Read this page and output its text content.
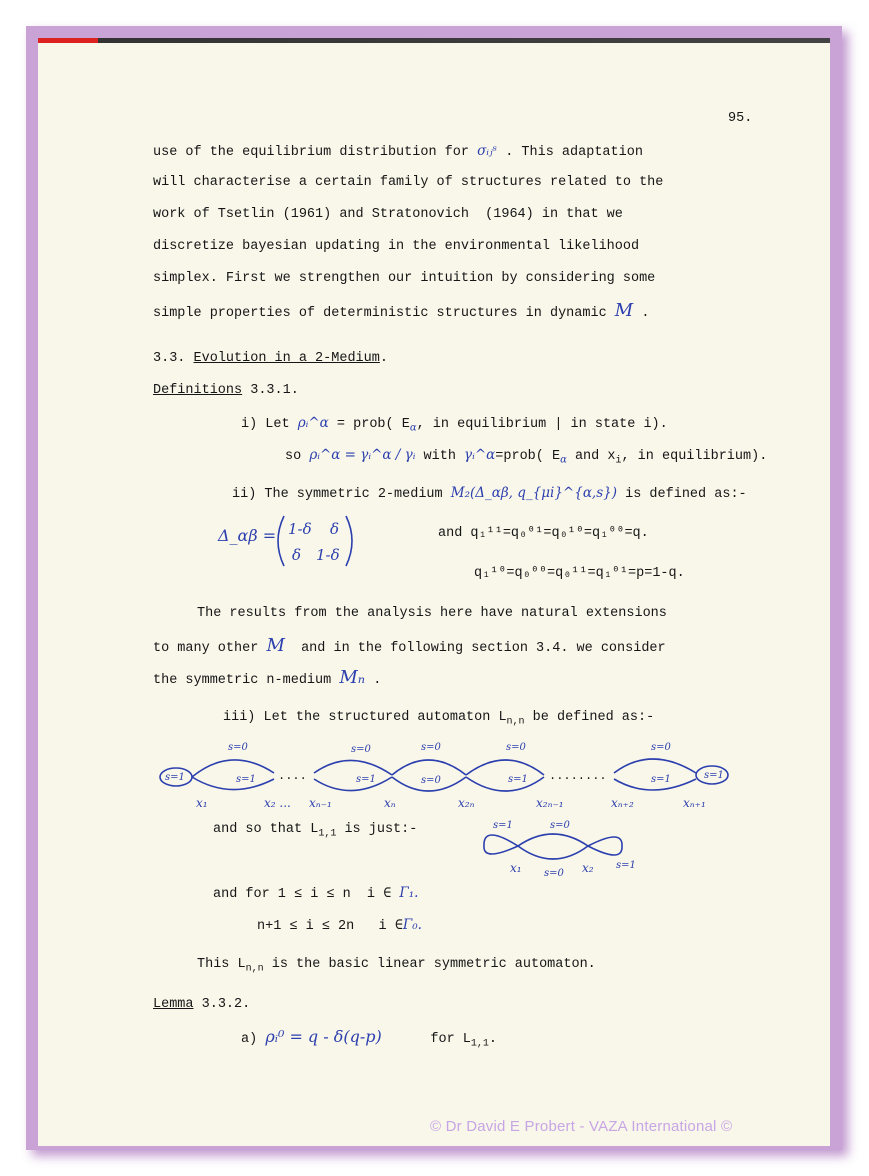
95.
use of the equilibrium distribution for σᵢⱼˢ . This adaptation
will characterise a certain family of structures related to the
work of Tsetlin (1961) and Stratonovich  (1964) in that we
discretize bayesian updating in the environmental likelihood
simplex. First we strengthen our intuition by considering some
simple properties of deterministic structures in dynamic M .
3.3. Evolution in a 2-Medium.
Definitions 3.3.1.
i) Let ρᵢ^α = prob( $E_\alpha$, in equilibrium | in state i).
so ρᵢ^α = γᵢ^α / γᵢ with γᵢ^α=prob( $E_\alpha$ and $x_i$, in equilibrium).
ii) The symmetric 2-medium M₂(Δ_αβ, q_{μi}^{α,s}) is defined as:-
Δ_αβ = 1-δ δ
δ 1-δ
and q₁¹¹=q₀⁰¹=q₀¹⁰=q₁⁰⁰=q.
q₁¹⁰=q₀⁰⁰=q₀¹¹=q₁⁰¹=p=1-q.
The results from the analysis here have natural extensions
to many other M and in the following section 3.4. we consider
the symmetric n-medium Mₙ .
iii) Let the structured automaton $L_{n,n}$ be defined as:-
s=1
s=0
s=1
s=0
s=1
s=0
s=0
s=0
s=1
s=0
s=1	s=1
x₁	x₂ ... xₙ₋₁	xₙ	x₂ₙ	x₂ₙ₋₁	xₙ₊₂	xₙ₊₁
....	........
and so that $L_{1,1}$ is just:-	s=1	s=0
s=0
s=1
x₁	x₂
and for 1 ≤ i ≤ n  i ∈ Γ₁.
n+1 ≤ i ≤ 2n   i ∈Γ₀.
This $L_{n,n}$ is the basic linear symmetric automaton.
Lemma 3.3.2.
a) ρᵢ⁰ = q - δ(q-p)	for $L_{1,1}$.
© Dr David E Probert - VAZA International ©
